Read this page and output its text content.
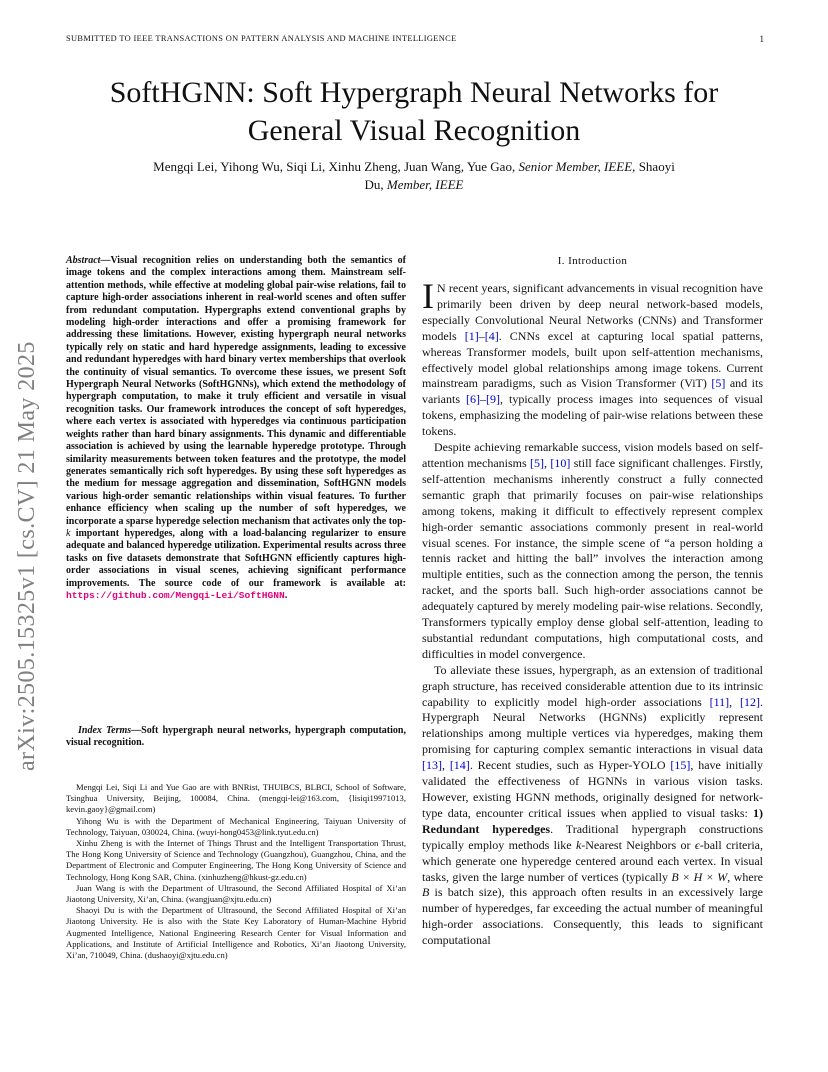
SUBMITTED TO IEEE TRANSACTIONS ON PATTERN ANALYSIS AND MACHINE INTELLIGENCE	1
arXiv:2505.15325v1 [cs.CV] 21 May 2025
SoftHGNN: Soft Hypergraph Neural Networks for
General Visual Recognition
Mengqi Lei, Yihong Wu, Siqi Li, Xinhu Zheng, Juan Wang, Yue Gao, Senior Member, IEEE, Shaoyi
Du, Member, IEEE
Abstract—Visual recognition relies on understanding both the semantics of image tokens and the complex interactions among them. Mainstream self-attention methods, while effective at modeling global pair-wise relations, fail to capture high-order associations inherent in real-world scenes and often suffer from redundant computation. Hypergraphs extend conventional graphs by modeling high-order interactions and offer a promising framework for addressing these limitations. However, existing hypergraph neural networks typically rely on static and hard hyperedge assignments, leading to excessive and redundant hyperedges with hard binary vertex memberships that overlook the continuity of visual semantics. To overcome these issues, we present Soft Hypergraph Neural Networks (SoftHGNNs), which extend the methodology of hypergraph computation, to make it truly efficient and versatile in visual recognition tasks. Our framework introduces the concept of soft hyperedges, where each vertex is associated with hyperedges via continuous participation weights rather than hard binary assignments. This dynamic and differentiable association is achieved by using the learnable hyperedge prototype. Through similarity measurements between token features and the prototype, the model generates semantically rich soft hyperedges. By using these soft hyperedges as the medium for message aggregation and dissemination, SoftHGNN models various high-order semantic relationships within visual features. To further enhance efficiency when scaling up the number of soft hyperedges, we incorporate a sparse hyperedge selection mechanism that activates only the top-k important hyperedges, along with a load-balancing regularizer to ensure adequate and balanced hyperedge utilization. Experimental results across three tasks on five datasets demonstrate that SoftHGNN efficiently captures high-order associations in visual scenes, achieving significant performance improvements. The source code of our framework is available at: https://github.com/Mengqi-Lei/SoftHGNN.
Index Terms—Soft hypergraph neural networks, hypergraph computation, visual recognition.

Mengqi Lei, Siqi Li and Yue Gao are with BNRist, THUIBCS, BLBCI, School of Software, Tsinghua University, Beijing, 100084, China. (mengqi-lei@163.com, {lisiqi19971013, kevin.gaoy}@gmail.com)

Yihong Wu is with the Department of Mechanical Engineering, Taiyuan University of Technology, Taiyuan, 030024, China. (wuyi-hong0453@link.tyut.edu.cn)

Xinhu Zheng is with the Internet of Things Thrust and the Intelligent Transportation Thrust, The Hong Kong University of Science and Technology (Guangzhou), Guangzhou, China, and the Department of Electronic and Computer Engineering, The Hong Kong University of Science and Technology, Hong Kong SAR, China. (xinhuzheng@hkust-gz.edu.cn)

Juan Wang is with the Department of Ultrasound, the Second Affiliated Hospital of Xi’an Jiaotong University, Xi’an, China. (wangjuan@xjtu.edu.cn)

Shaoyi Du is with the Department of Ultrasound, the Second Affiliated Hospital of Xi’an Jiaotong University. He is also with the State Key Laboratory of Human-Machine Hybrid Augmented Intelligence, National Engineering Research Center for Visual Information and Applications, and Institute of Artificial Intelligence and Robotics, Xi’an Jiaotong University, Xi’an, 710049, China. (dushaoyi@xjtu.edu.cn)

I. Introduction

I N recent years, significant advancements in visual recognition have primarily been driven by deep neural network-based models, especially Convolutional Neural Networks (CNNs) and Transformer models [1]–[4]. CNNs excel at capturing local spatial patterns, whereas Transformer models, built upon self-attention mechanisms, effectively model global relationships among image tokens. Current mainstream paradigms, such as Vision Transformer (ViT) [5] and its variants [6]–[9], typically process images into sequences of visual tokens, emphasizing the modeling of pair-wise relations between these tokens.

Despite achieving remarkable success, vision models based on self-attention mechanisms [5], [10] still face significant challenges. Firstly, self-attention mechanisms inherently construct a fully connected semantic graph that primarily focuses on pair-wise relationships among tokens, making it difficult to effectively represent complex high-order semantic associations commonly present in real-world visual scenes. For instance, the simple scene of “a person holding a tennis racket and hitting the ball” involves the interaction among multiple entities, such as the connection among the person, the tennis racket, and the sports ball. Such high-order associations cannot be adequately captured by merely modeling pair-wise relations. Secondly, Transformers typically employ dense global self-attention, leading to substantial redundant computations, high computational costs, and difficulties in model convergence.

To alleviate these issues, hypergraph, as an extension of traditional graph structure, has received considerable attention due to its intrinsic capability to explicitly model high-order associations [11], [12]. Hypergraph Neural Networks (HGNNs) explicitly represent relationships among multiple vertices via hyperedges, making them promising for capturing complex semantic interactions in visual data [13], [14]. Recent studies, such as Hyper-YOLO [15], have initially validated the effectiveness of HGNNs in various vision tasks. However, existing HGNN methods, originally designed for network-type data, encounter critical issues when applied to visual tasks: 1) Redundant hyperedges. Traditional hypergraph constructions typically employ methods like k-Nearest Neighbors or ϵ-ball criteria, which generate one hyperedge centered around each vertex. In visual tasks, given the large number of vertices (typically B × H × W, where B is batch size), this approach often results in an excessively large number of hyperedges, far exceeding the actual number of meaningful high-order associations. Consequently, this leads to significant computational
